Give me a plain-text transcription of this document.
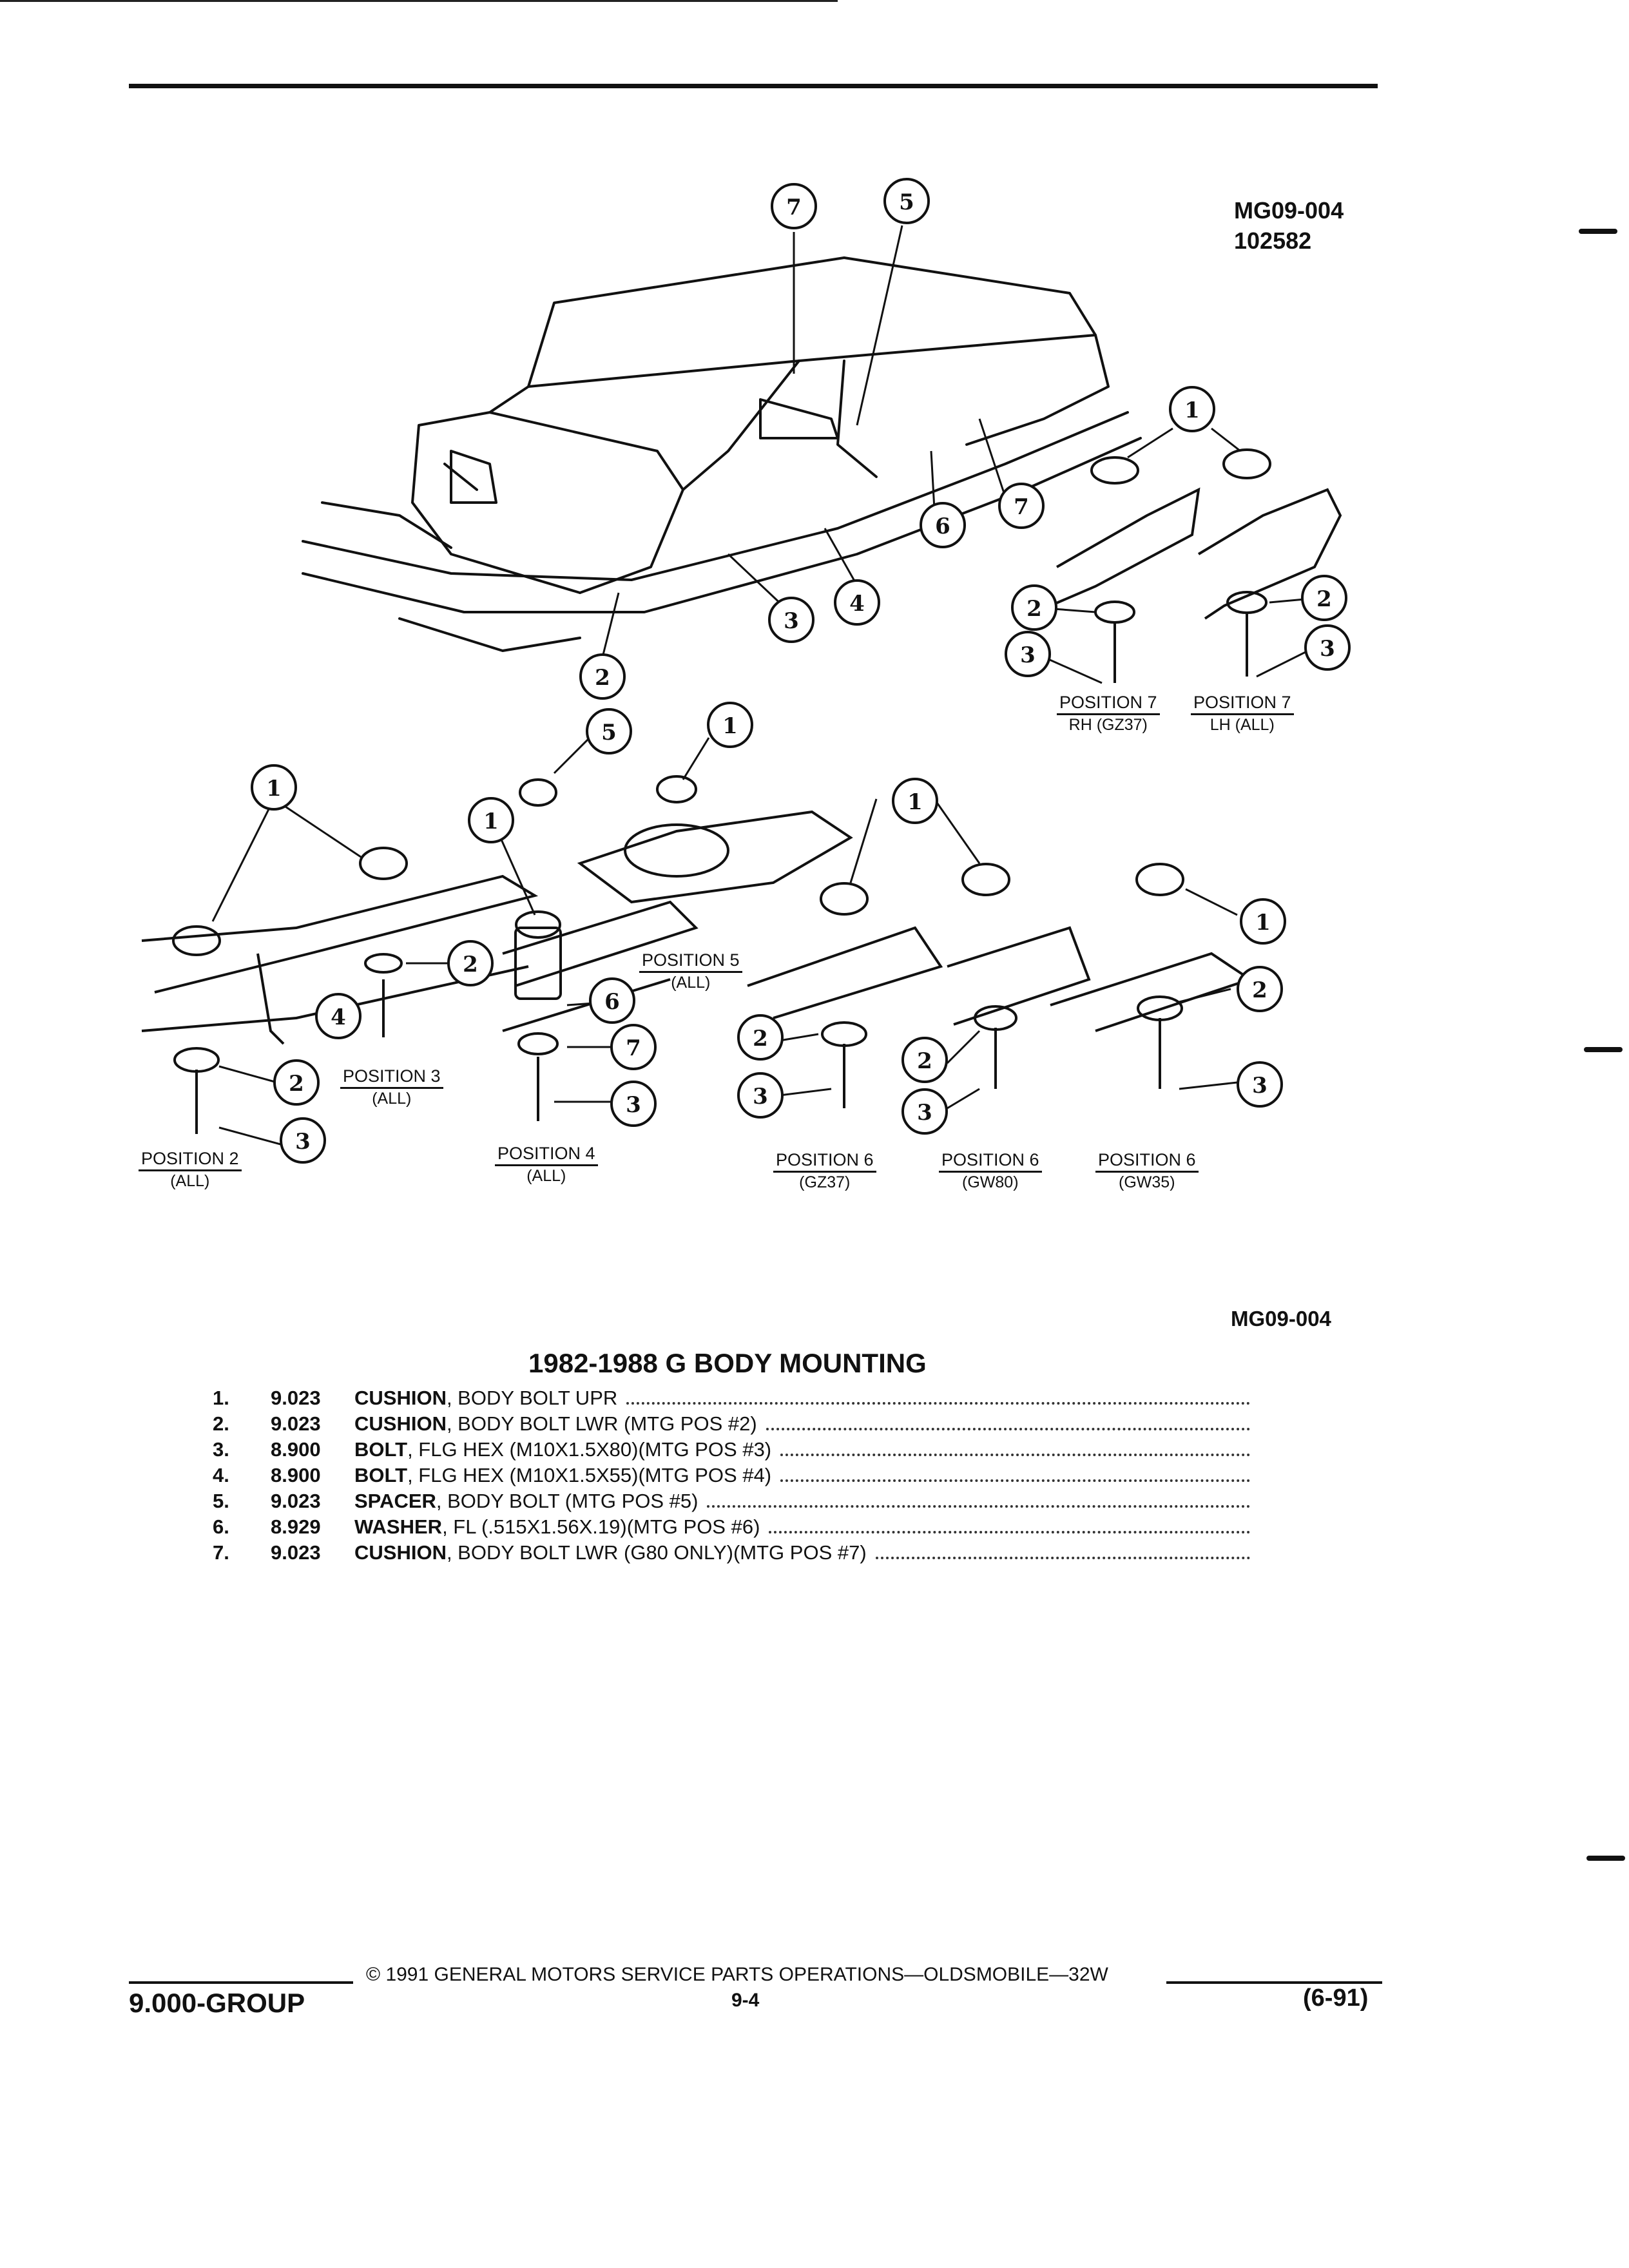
MG09-004
102582
7	5
6
7
4
3
2
1
2	2
3	3
5	1
1
1
1
2
4
6
7
3
2
3
1
2
3
2
3
2
3
POSITION 7
RH (GZ37)
POSITION 7
LH (ALL)
POSITION 5
(ALL)
POSITION 3
(ALL)
POSITION 2
(ALL)
POSITION 4
(ALL)
POSITION 6
(GZ37)
POSITION 6
(GW80)
POSITION 6
(GW35)
MG09-004
1982-1988 G BODY MOUNTING
1.	9.023	CUSHION, BODY BOLT UPR
2.	9.023	CUSHION, BODY BOLT LWR (MTG POS #2)
3.	8.900	BOLT, FLG HEX (M10X1.5X80)(MTG POS #3)
4.	8.900	BOLT, FLG HEX (M10X1.5X55)(MTG POS #4)
5.	9.023	SPACER, BODY BOLT (MTG POS #5)
6.	8.929	WASHER, FL (.515X1.56X.19)(MTG POS #6)
7.	9.023	CUSHION, BODY BOLT LWR (G80 ONLY)(MTG POS #7)
© 1991 GENERAL MOTORS SERVICE PARTS OPERATIONS—OLDSMOBILE—32W
9.000-GROUP	9-4	(6-91)
